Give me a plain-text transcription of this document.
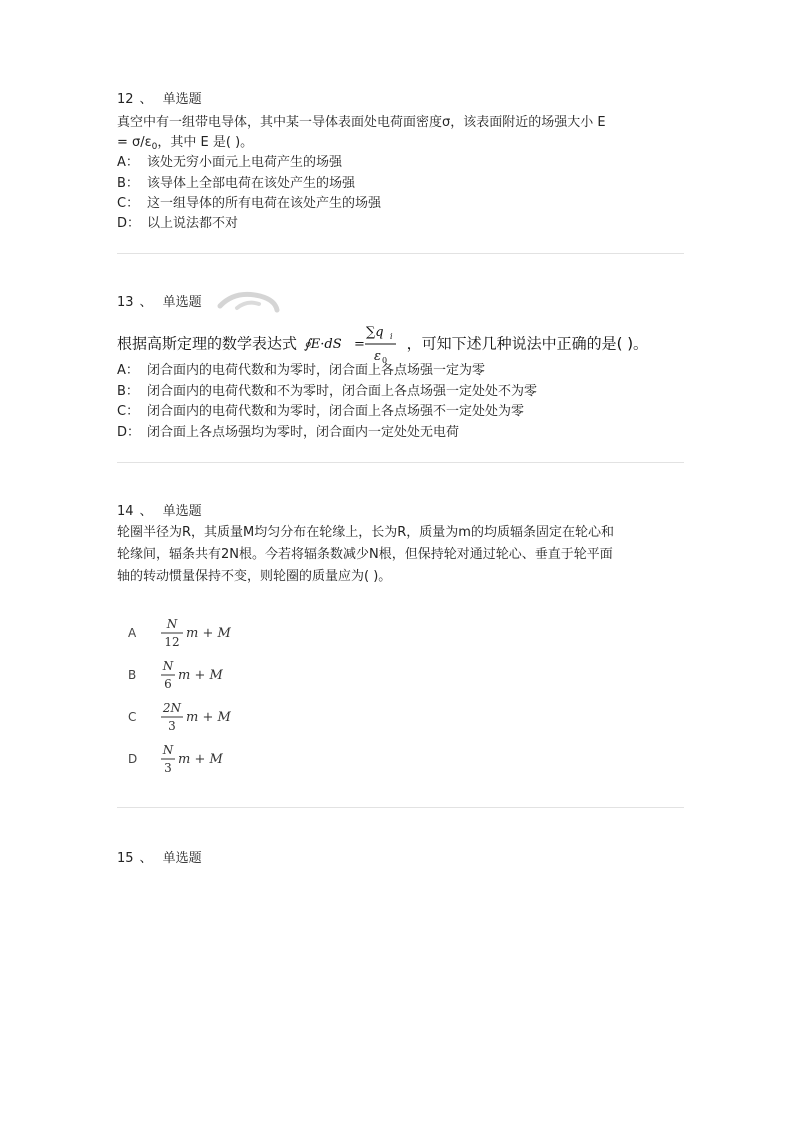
12 、 单选题
真空中有一组带电导体，其中某一导体表面处电荷面密度σ，该表面附近的场强大小 E
= $\sigma/\varepsilon_0$，其中 E 是( )。
A： 该处无穷小面元上电荷产生的场强
B： 该导体上全部电荷在该处产生的场强
C： 这一组导体的所有电荷在该处产生的场强
D： 以上说法都不对
13 、 单选题
根据高斯定理的数学表达式 ∮E·dS =
∑q i
ε 0
，可知下述几种说法中正确的是( )。
A： 闭合面内的电荷代数和为零时，闭合面上各点场强一定为零
B： 闭合面内的电荷代数和不为零时，闭合面上各点场强一定处处不为零
C： 闭合面内的电荷代数和为零时，闭合面上各点场强不一定处处为零
D： 闭合面上各点场强均为零时，闭合面内一定处处无电荷
14 、 单选题
轮圈半径为R，其质量M均匀分布在轮缘上，长为R，质量为m的均质辐条固定在轮心和
轮缘间，辐条共有2N根。今若将辐条数减少N根，但保持轮对通过轮心、垂直于轮平面
轴的转动惯量保持不变，则轮圈的质量应为( )。
A
N
12
m + M
B
N
6
m + M
C
2N
3
m + M
D
N
3
m + M
15 、 单选题
